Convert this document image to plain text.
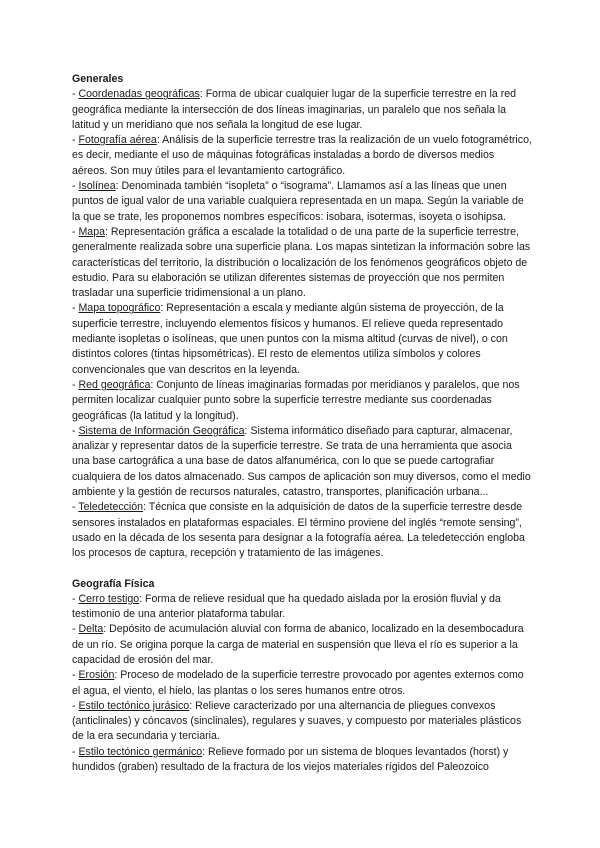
Generales

- Coordenadas geográficas: Forma de ubicar cualquier lugar de la superficie terrestre en la red geográfica mediante la intersección de dos líneas imaginarias, un paralelo que nos señala la latitud y un meridiano que nos señala la longitud de ese lugar.

- Fotografía aérea: Análisis de la superficie terrestre tras la realización de un vuelo fotogramétrico, es decir, mediante el uso de máquinas fotográficas instaladas a bordo de diversos medios aéreos. Son muy útiles para el levantamiento cartográfico.

- Isolínea: Denominada también “isopleta” o “isograma”. Llamamos así a las líneas que unen puntos de igual valor de una variable cualquiera representada en un mapa. Según la variable de la que se trate, les proponemos nombres específicos: isobara, isotermas, isoyeta o isohipsa.

- Mapa: Representación gráfica a escalade la totalidad o de una parte de la superficie terrestre, generalmente realizada sobre una superficie plana. Los mapas sintetizan la información sobre las características del territorio, la distribución o localización de los fenómenos geográficos objeto de estudio. Para su elaboración se utilizan diferentes sistemas de proyección que nos permiten trasladar una superficie tridimensional a un plano.

- Mapa topográfico: Representación a escala y mediante algún sistema de proyección, de la superficie terrestre, incluyendo elementos físicos y humanos. El relieve queda representado mediante isopletas o isolíneas, que unen puntos con la misma altitud (curvas de nivel), o con distintos colores (tintas hipsométricas). El resto de elementos utiliza símbolos y colores convencionales que van descritos en la leyenda.

- Red geográfica: Conjunto de líneas imaginarias formadas por meridianos y paralelos, que nos permiten localizar cualquier punto sobre la superficie terrestre mediante sus coordenadas geográficas (la latitud y la longitud).

- Sistema de Información Geográfica: Sistema informático diseñado para capturar, almacenar, analizar y representar datos de la superficie terrestre. Se trata de una herramienta que asocia una base cartográfica a una base de datos alfanumérica, con lo que se puede cartografiar cualquiera de los datos almacenado. Sus campos de aplicación son muy diversos, como el medio ambiente y la gestión de recursos naturales, catastro, transportes, planificación urbana...

- Teledetección: Técnica que consiste en la adquisición de datos de la superficie terrestre desde sensores instalados en plataformas espaciales. El término proviene del inglés “remote sensing”, usado en la década de los sesenta para designar a la fotografía aérea. La teledetección engloba los procesos de captura, recepción y tratamiento de las imágenes.

Geografía Física

- Cerro testigo: Forma de relieve residual que ha quedado aislada por la erosión fluvial y da testimonio de una anterior plataforma tabular.

- Delta: Depósito de acumulación aluvial con forma de abanico, localizado en la desembocadura de un río. Se origina porque la carga de material en suspensión que lleva el río es superior a la capacidad de erosión del mar.

- Erosión: Proceso de modelado de la superficie terrestre provocado por agentes externos como el agua, el viento, el hielo, las plantas o los seres humanos entre otros.

- Estilo tectónico jurásico: Relieve caracterizado por una alternancia de pliegues convexos (anticlinales) y cóncavos (sinclinales), regulares y suaves, y compuesto por materiales plásticos de la era secundaria y terciaria.

- Estilo tectónico germánico: Relieve formado por un sistema de bloques levantados (horst) y hundidos (graben) resultado de la fractura de los viejos materiales rígidos del Paleozoico
